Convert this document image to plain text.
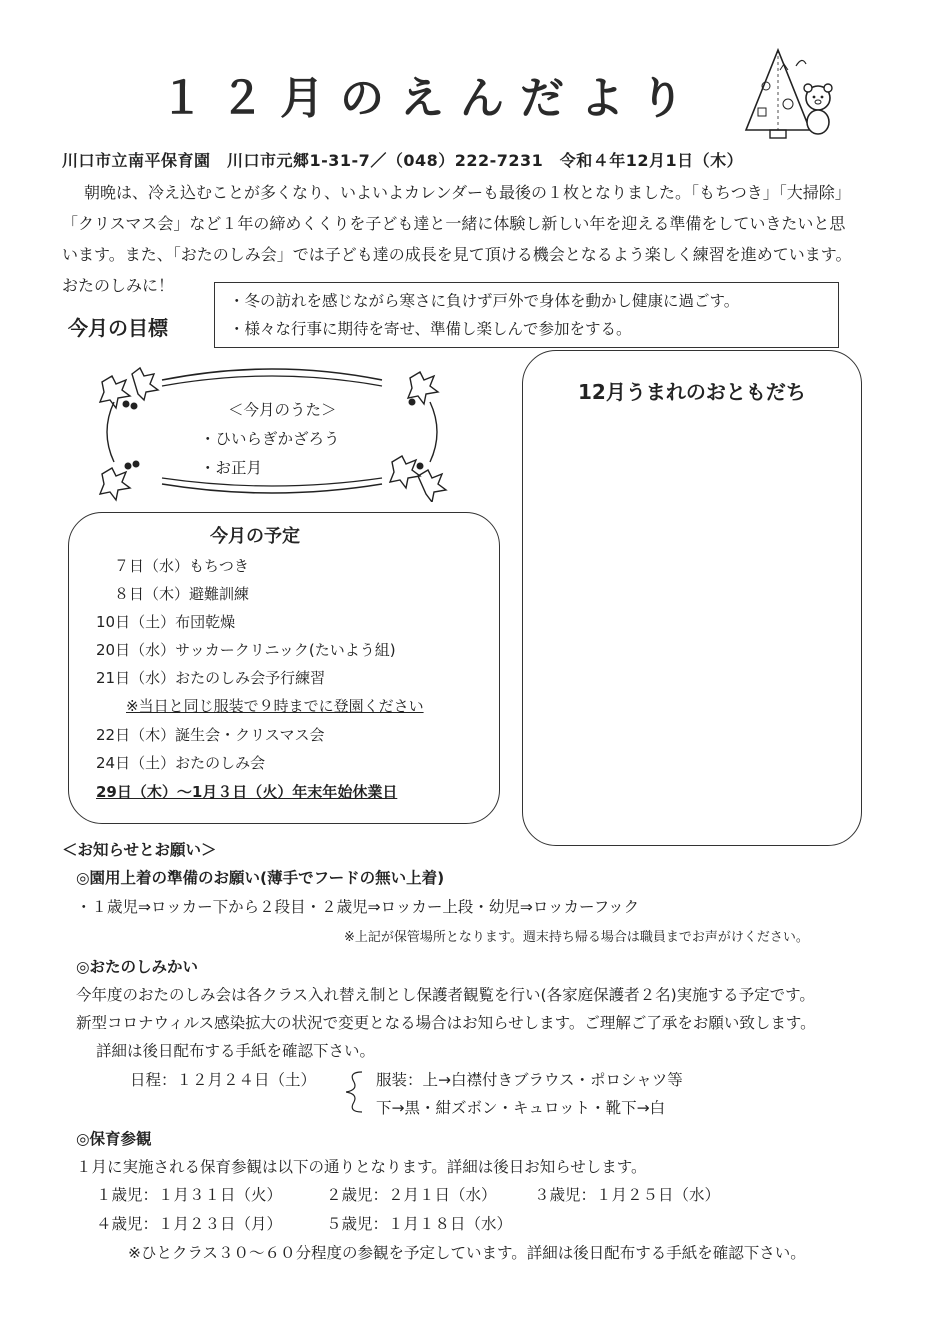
１２月のえんだより
川口市立南平保育園　川口市元郷1-31-7／（048）222-7231　令和４年12月1日（木）
朝晩は、冷え込むことが多くなり、いよいよカレンダーも最後の１枚となりました。「もちつき」「大掃除」
「クリスマス会」など１年の締めくくりを子ども達と一緒に体験し新しい年を迎える準備をしていきたいと思
います。また、「おたのしみ会」では子ども達の成長を見て頂ける機会となるよう楽しく練習を進めています。
おたのしみに！
今月の目標
・冬の訪れを感じながら寒さに負けず戸外で身体を動かし健康に過ごす。
・様々な行事に期待を寄せ、準備し楽しんで参加をする。
＜今月のうた＞
・ひいらぎかざろう
・お正月
今月の予定
７日（水）もちつき
８日（木）避難訓練
10日（土）布団乾燥
20日（水）サッカークリニック(たいよう組)
21日（水）おたのしみ会予行練習
※当日と同じ服装で９時までに登園ください
22日（木）誕生会・クリスマス会
24日（土）おたのしみ会
29日（木）～1月３日（火）年末年始休業日
12月うまれのおともだち
＜お知らせとお願い＞
◎園用上着の準備のお願い(薄手でフードの無い上着)
・１歳児⇒ロッカー下から２段目・２歳児⇒ロッカー上段・幼児⇒ロッカーフック
※上記が保管場所となります。週末持ち帰る場合は職員までお声がけください。
◎おたのしみかい
今年度のおたのしみ会は各クラス入れ替え制とし保護者観覧を行い(各家庭保護者２名)実施する予定です。
新型コロナウィルス感染拡大の状況で変更となる場合はお知らせします。ご理解ご了承をお願い致します。
詳細は後日配布する手紙を確認下さい。
日程：１２月２４日（土）	服装：上→白襟付きブラウス・ポロシャツ等
下→黒・紺ズボン・キュロット・靴下→白
◎保育参観
１月に実施される保育参観は以下の通りとなります。詳細は後日お知らせします。
１歳児：１月３１日（火）	２歳児：２月１日（水） ３歳児：１月２５日（水）
４歳児：１月２３日（月）	５歳児：１月１８日（水）
※ひとクラス３０～６０分程度の参観を予定しています。詳細は後日配布する手紙を確認下さい。
